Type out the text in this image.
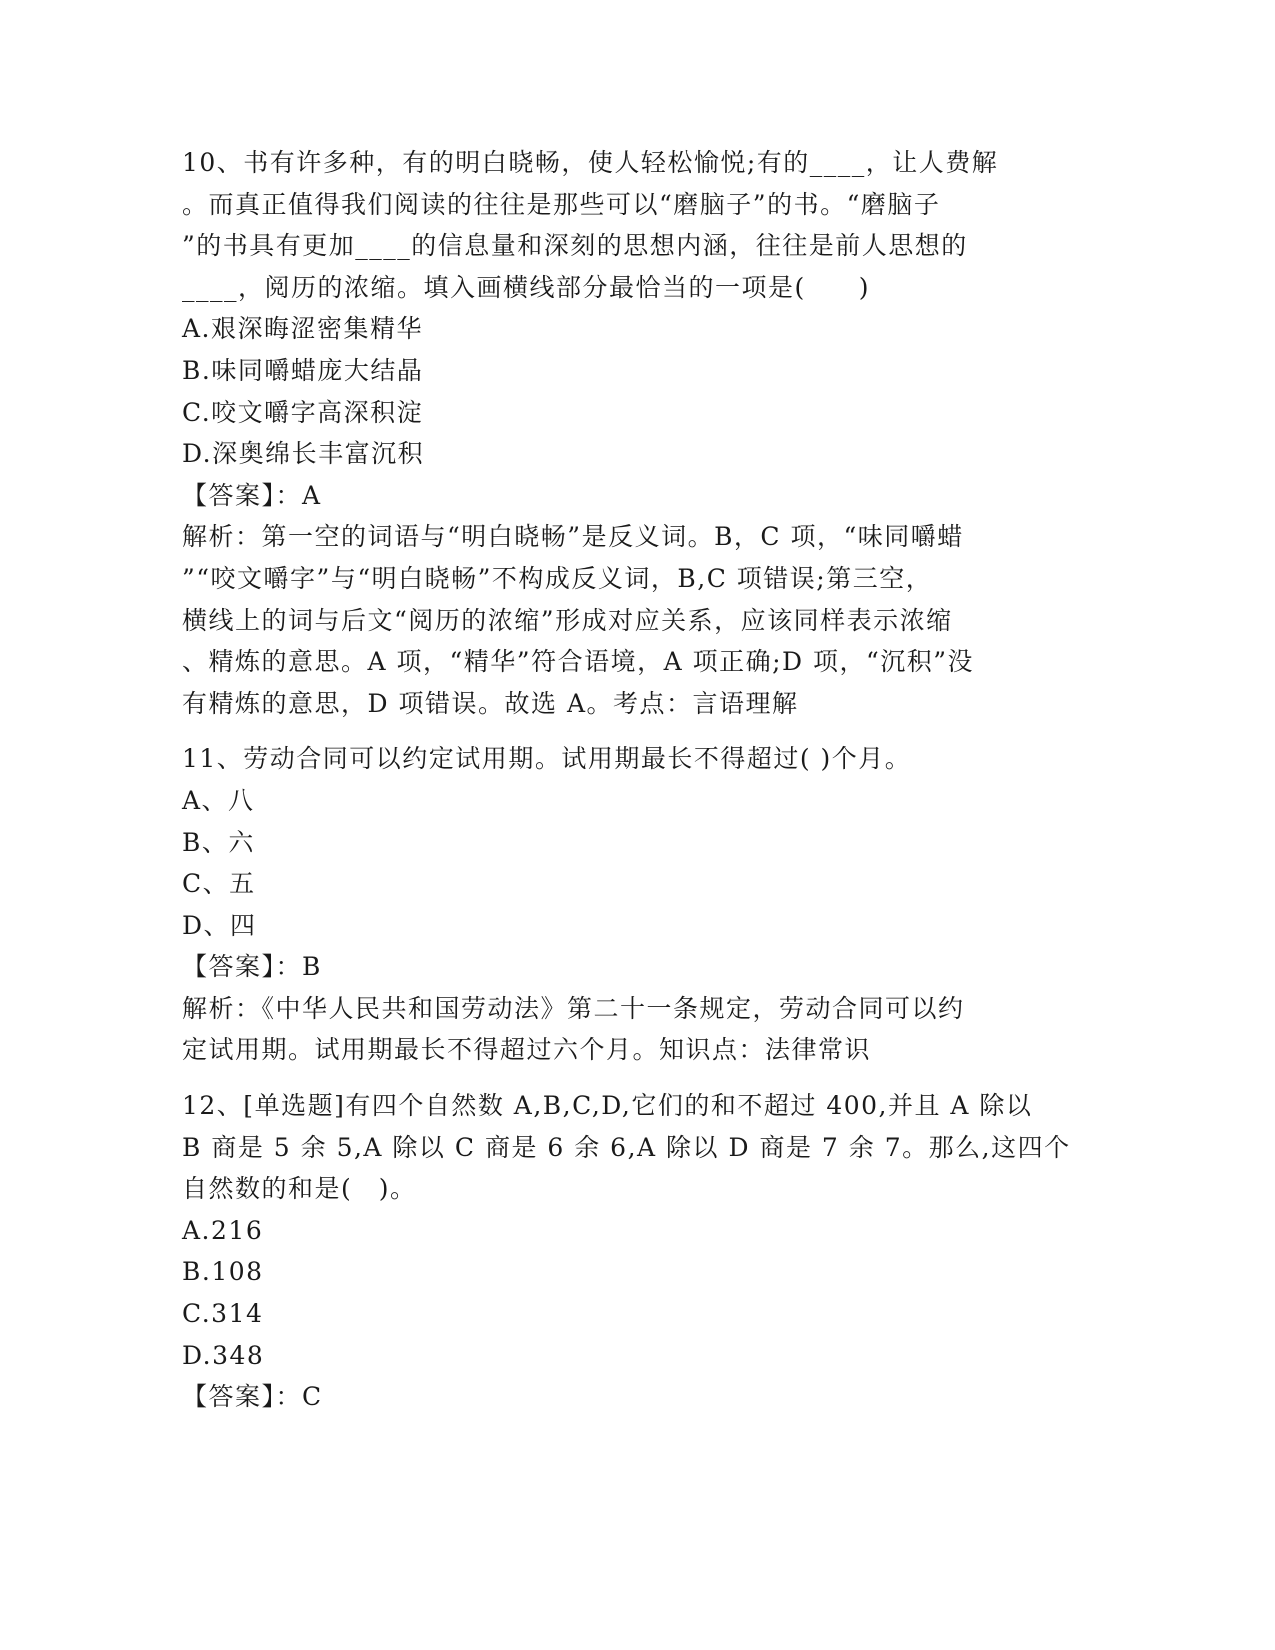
10、书有许多种，有的明白晓畅，使人轻松愉悦;有的____，让人费解
。而真正值得我们阅读的往往是那些可以“磨脑子”的书。“磨脑子
”的书具有更加____的信息量和深刻的思想内涵，往往是前人思想的
____，阅历的浓缩。填入画横线部分最恰当的一项是(　　)
A.艰深晦涩密集精华
B.味同嚼蜡庞大结晶
C.咬文嚼字高深积淀
D.深奥绵长丰富沉积
【答案】：A
解析：第一空的词语与“明白晓畅”是反义词。B，C 项，“味同嚼蜡
”“咬文嚼字”与“明白晓畅”不构成反义词，B,C 项错误;第三空，
横线上的词与后文“阅历的浓缩”形成对应关系，应该同样表示浓缩
、精炼的意思。A 项，“精华”符合语境，A 项正确;D 项，“沉积”没
有精炼的意思，D 项错误。故选 A。考点：言语理解
11、劳动合同可以约定试用期。试用期最长不得超过( )个月。
A、八
B、六
C、五
D、四
【答案】：B
解析：《中华人民共和国劳动法》第二十一条规定，劳动合同可以约
定试用期。试用期最长不得超过六个月。知识点：法律常识
12、[单选题]有四个自然数 A,B,C,D,它们的和不超过 400,并且 A 除以
B 商是 5 余 5,A 除以 C 商是 6 余 6,A 除以 D 商是 7 余 7。那么,这四个
自然数的和是(　)。
A.216
B.108
C.314
D.348
【答案】：C
